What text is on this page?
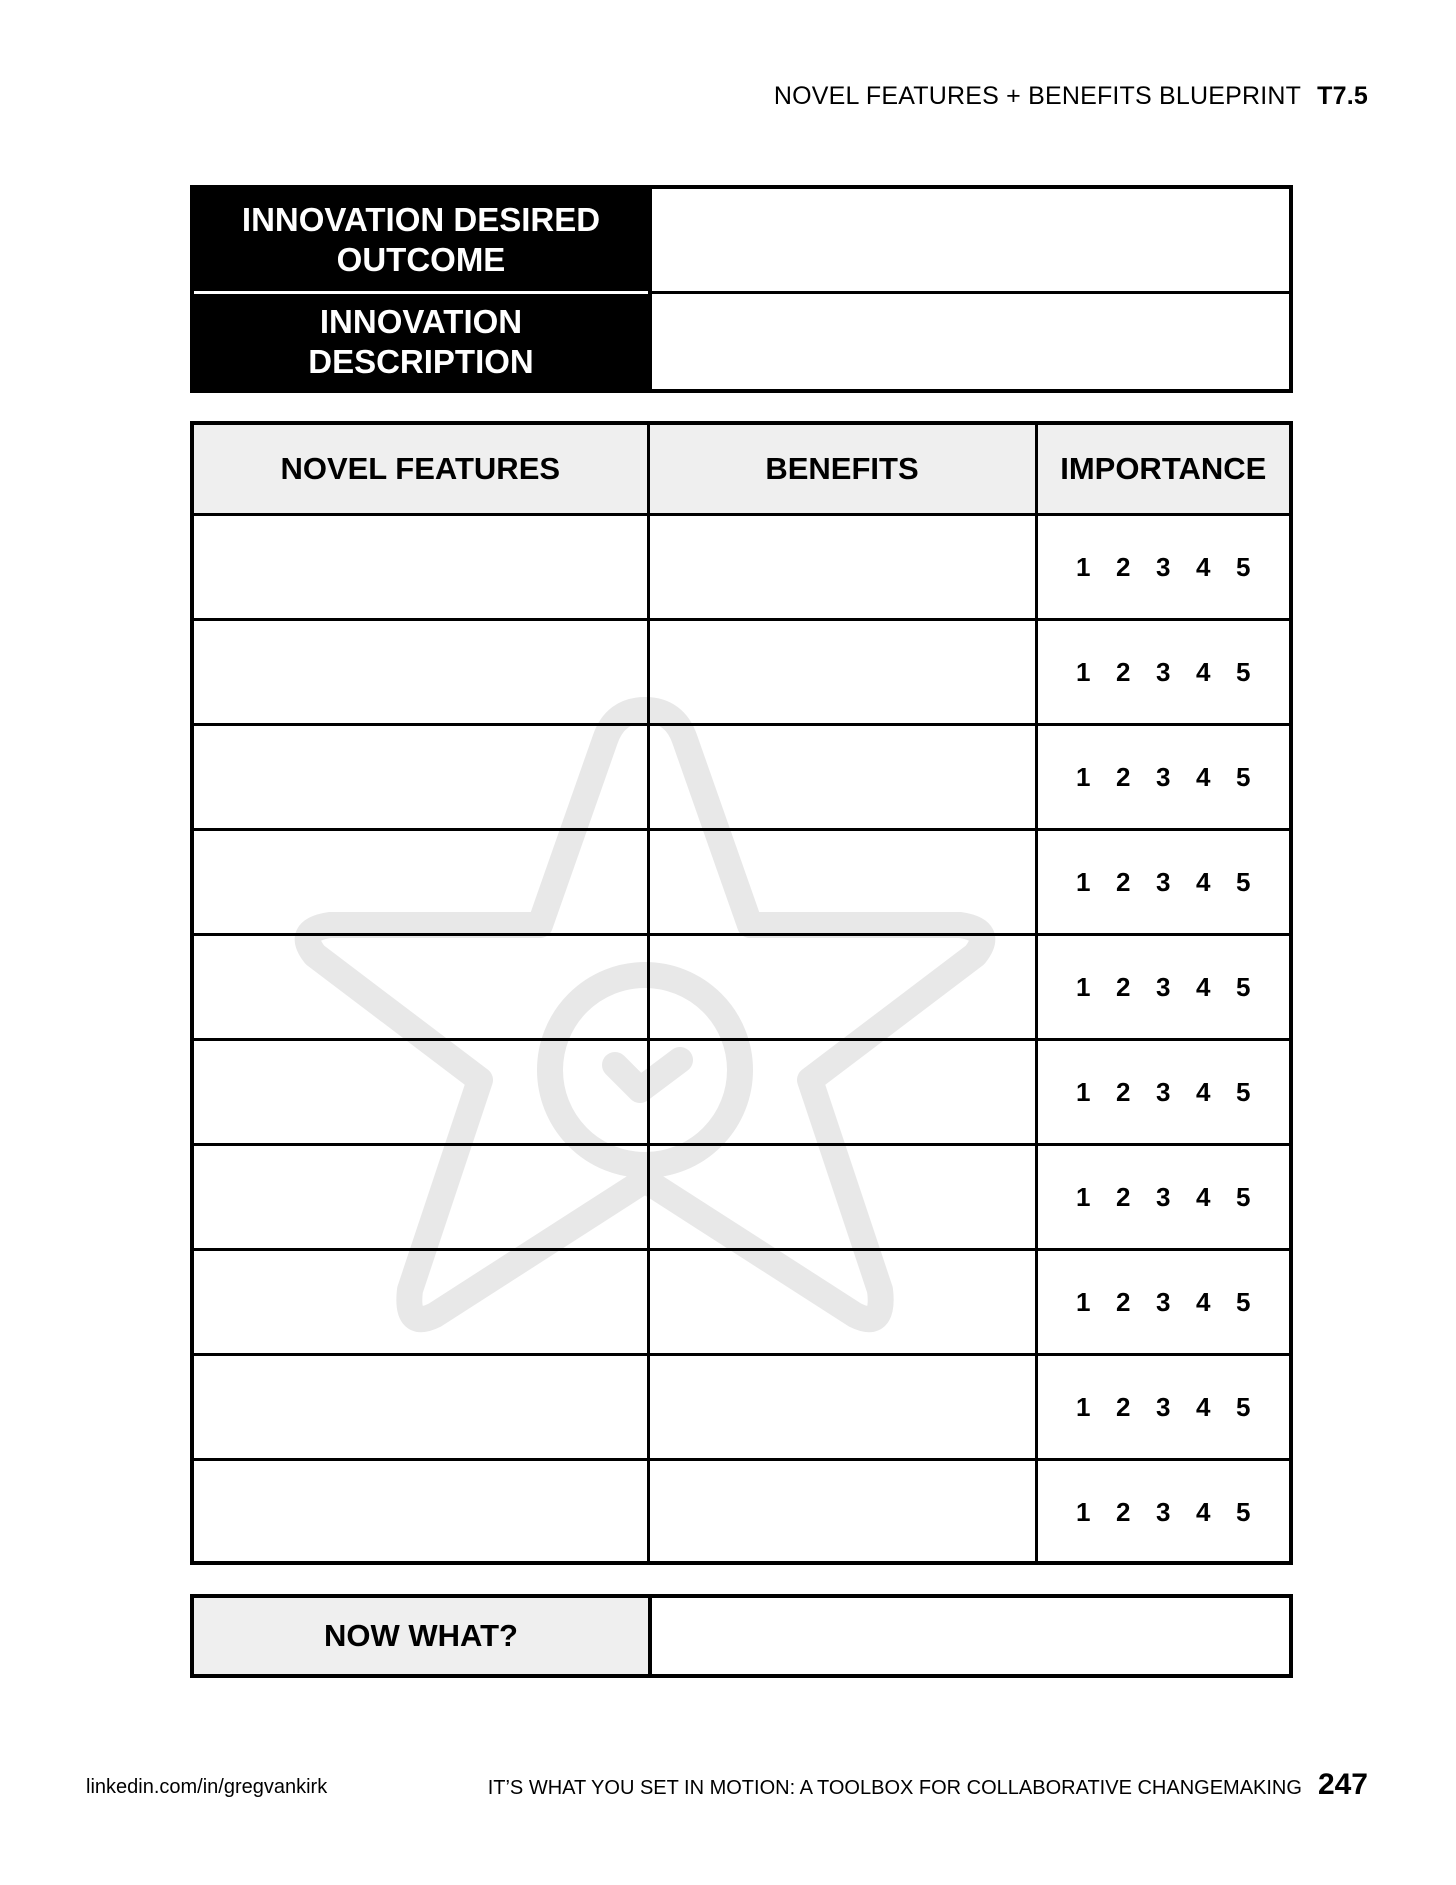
NOVEL FEATURES + BENEFITS BLUEPRINT T7.5
INNOVATION DESIRED OUTCOME
INNOVATION DESCRIPTION
NOVEL FEATURES	BENEFITS	IMPORTANCE

		1 2 3 4 5

		1 2 3 4 5

		1 2 3 4 5

		1 2 3 4 5

		1 2 3 4 5

		1 2 3 4 5

		1 2 3 4 5

		1 2 3 4 5

		1 2 3 4 5

		1 2 3 4 5
NOW WHAT?
linkedin.com/in/gregvankirk	IT’S WHAT YOU SET IN MOTION: A TOOLBOX FOR COLLABORATIVE CHANGEMAKING 247
